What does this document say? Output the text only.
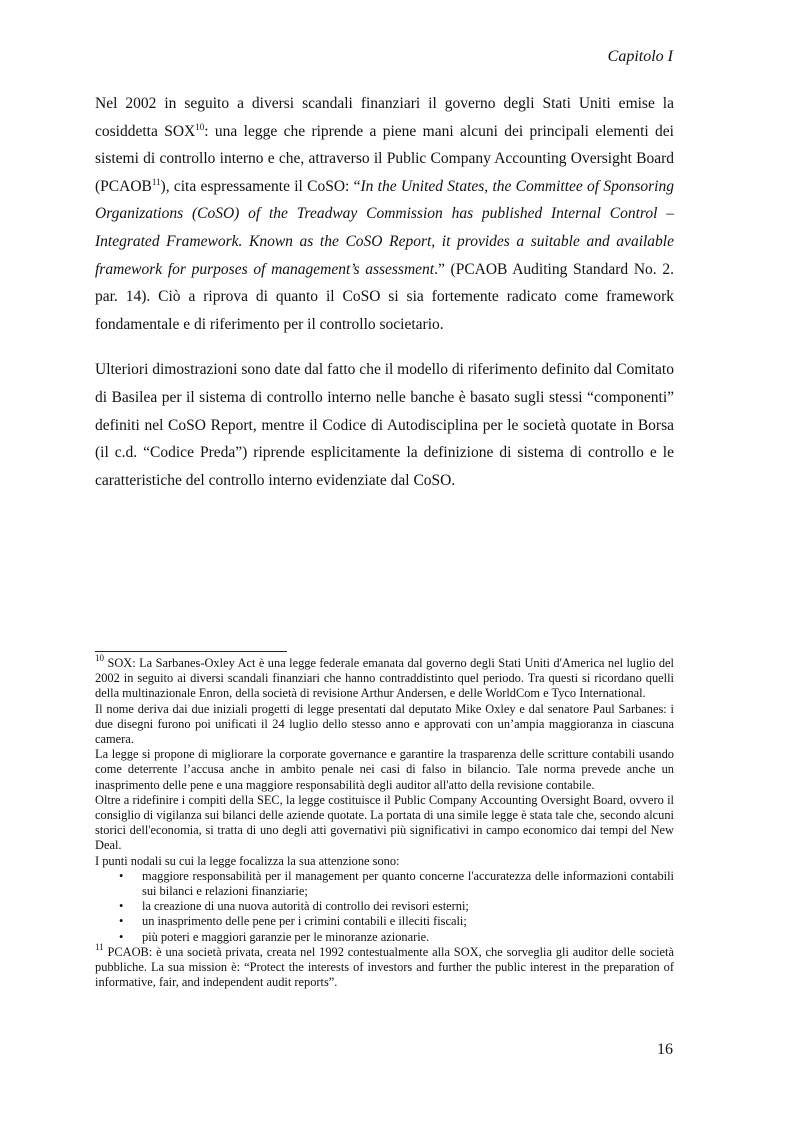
Capitolo I

Nel 2002 in seguito a diversi scandali finanziari il governo degli Stati Uniti emise la cosiddetta SOX$^{10}$: una legge che riprende a piene mani alcuni dei principali elementi dei sistemi di controllo interno e che, attraverso il Public Company Accounting Oversight Board (PCAOB$^{11}$), cita espressamente il CoSO: “In the United States, the Committee of Sponsoring Organizations (CoSO) of the Treadway Commission has published Internal Control – Integrated Framework. Known as the CoSO Report, it provides a suitable and available framework for purposes of management’s assessment.” (PCAOB Auditing Standard No. 2. par. 14). Ciò a riprova di quanto il CoSO si sia fortemente radicato come framework fondamentale e di riferimento per il controllo societario.

Ulteriori dimostrazioni sono date dal fatto che il modello di riferimento definito dal Comitato di Basilea per il sistema di controllo interno nelle banche è basato sugli stessi “componenti” definiti nel CoSO Report, mentre il Codice di Autodisciplina per le società quotate in Borsa (il c.d. “Codice Preda”) riprende esplicitamente la definizione di sistema di controllo e le caratteristiche del controllo interno evidenziate dal CoSO.

$^{10}$ SOX: La Sarbanes-Oxley Act è una legge federale emanata dal governo degli Stati Uniti d'America nel luglio del 2002 in seguito ai diversi scandali finanziari che hanno contraddistinto quel periodo. Tra questi si ricordano quelli della multinazionale Enron, della società di revisione Arthur Andersen, e delle WorldCom e Tyco International.

Il nome deriva dai due iniziali progetti di legge presentati dal deputato Mike Oxley e dal senatore Paul Sarbanes: i due disegni furono poi unificati il 24 luglio dello stesso anno e approvati con un’ampia maggioranza in ciascuna camera.

La legge si propone di migliorare la corporate governance e garantire la trasparenza delle scritture contabili usando come deterrente l’accusa anche in ambito penale nei casi di falso in bilancio. Tale norma prevede anche un inasprimento delle pene e una maggiore responsabilità degli auditor all'atto della revisione contabile.

Oltre a ridefinire i compiti della SEC, la legge costituisce il Public Company Accounting Oversight Board, ovvero il consiglio di vigilanza sui bilanci delle aziende quotate. La portata di una simile legge è stata tale che, secondo alcuni storici dell'economia, si tratta di uno degli atti governativi più significativi in campo economico dai tempi del New Deal.

I punti nodali su cui la legge focalizza la sua attenzione sono:

• maggiore responsabilità per il management per quanto concerne l'accuratezza delle informazioni contabili sui bilanci e relazioni finanziarie;
• la creazione di una nuova autorità di controllo dei revisori esterni;
• un inasprimento delle pene per i crimini contabili e illeciti fiscali;
• più poteri e maggiori garanzie per le minoranze azionarie.

$^{11}$ PCAOB: è una società privata, creata nel 1992 contestualmente alla SOX, che sorveglia gli auditor delle società pubbliche. La sua mission è: “Protect the interests of investors and further the public interest in the preparation of informative, fair, and independent audit reports”.

16
